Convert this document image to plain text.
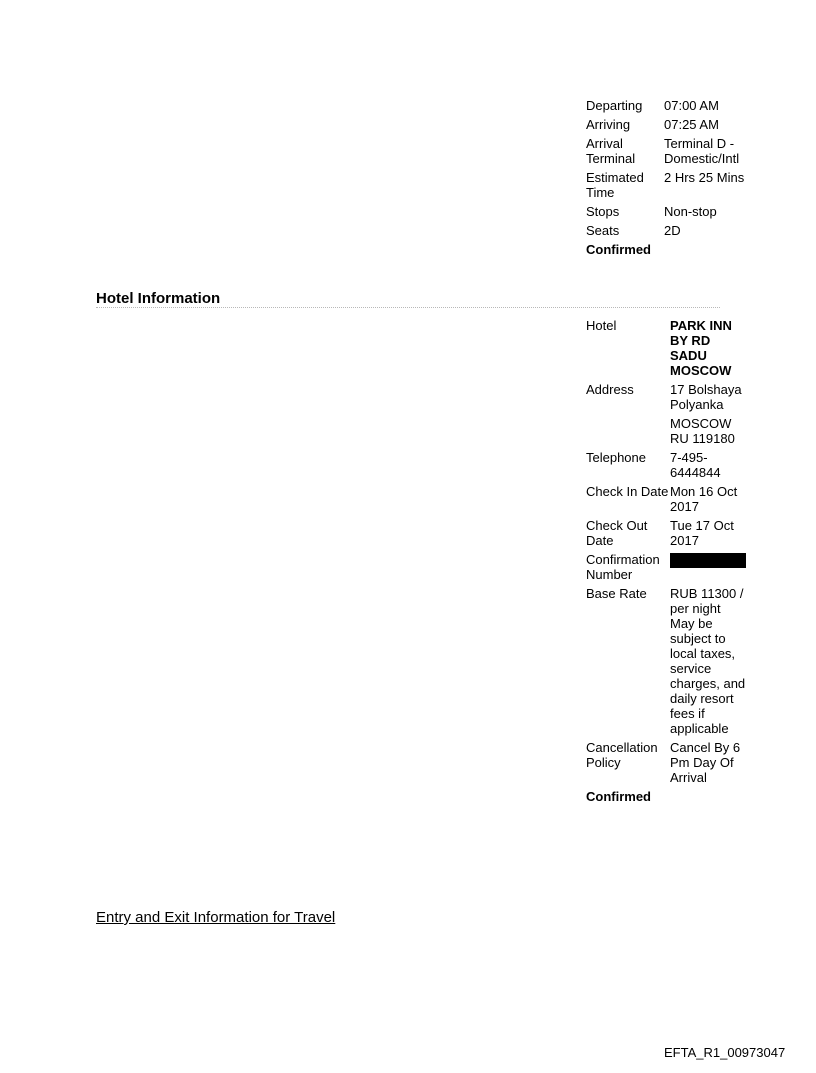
Departing	07:00 AM
Arriving	07:25 AM
Arrival Terminal	Terminal D - Domestic/Intl
Estimated Time	2 Hrs 25 Mins
Stops	Non-stop
Seats	2D
Confirmed	
Hotel Information
Hotel	PARK INN BY RD SADU MOSCOW
Address	17 Bolshaya Polyanka
MOSCOW RU 119180

Telephone	7-495-6444844
Check In Date	Mon 16 Oct 2017
Check Out Date	Tue 17 Oct 2017
Confirmation Number	

Base Rate	RUB 11300 / per night May be subject to local taxes, service charges, and daily resort fees if applicable
Cancellation Policy	Cancel By 6 Pm Day Of Arrival
Confirmed	
Entry and Exit Information for Travel
EFTA_R1_00973047
